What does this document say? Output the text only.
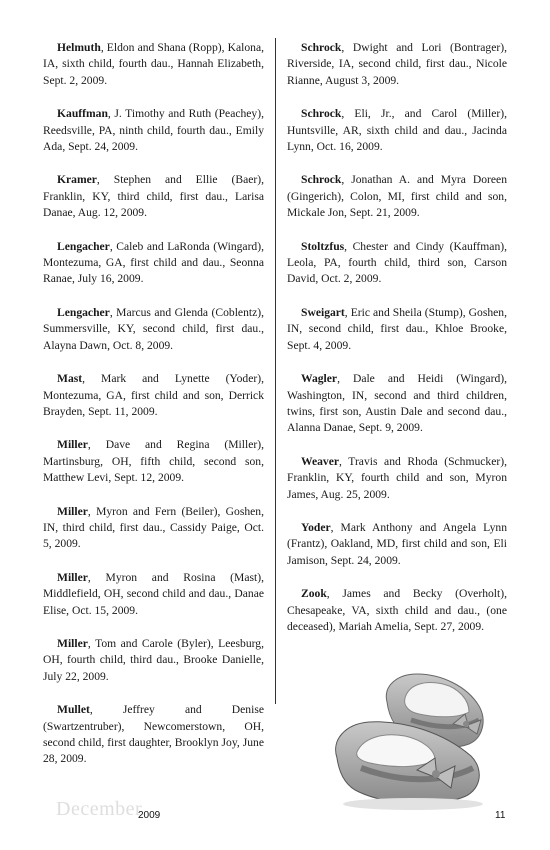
Helmuth, Eldon and Shana (Ropp), Kalona, IA, sixth child, fourth dau., Hannah Elizabeth, Sept. 2, 2009.

Kauffman, J. Timothy and Ruth (Peachey), Reedsville, PA, ninth child, fourth dau., Emily Ada, Sept. 24, 2009.

Kramer, Stephen and Ellie (Baer), Franklin, KY, third child, first dau., Larisa Danae, Aug. 12, 2009.

Lengacher, Caleb and LaRonda (Wingard), Montezuma, GA, first child and dau., Seonna Ranae, July 16, 2009.

Lengacher, Marcus and Glenda (Coblentz), Summersville, KY, second child, first dau., Alayna Dawn, Oct. 8, 2009.

Mast, Mark and Lynette (Yoder), Montezuma, GA, first child and son, Derrick Brayden, Sept. 11, 2009.

Miller, Dave and Regina (Miller), Martinsburg, OH, fifth child, second son, Matthew Levi, Sept. 12, 2009.

Miller, Myron and Fern (Beiler), Goshen, IN, third child, first dau., Cassidy Paige, Oct. 5, 2009.

Miller, Myron and Rosina (Mast), Middlefield, OH, second child and dau., Danae Elise, Oct. 15, 2009.

Miller, Tom and Carole (Byler), Leesburg, OH, fourth child, third dau., Brooke Danielle, July 22, 2009.

Mullet, Jeffrey and Denise (Swartzentruber), Newcomerstown, OH, second child, first daughter, Brooklyn Joy, June 28, 2009.

Schrock, Dwight and Lori (Bontrager), Riverside, IA, second child, first dau., Nicole Rianne, August 3, 2009.

Schrock, Eli, Jr., and Carol (Miller), Huntsville, AR, sixth child and dau., Jacinda Lynn, Oct. 16, 2009.

Schrock, Jonathan A. and Myra Doreen (Gingerich), Colon, MI, first child and son, Mickale Jon, Sept. 21, 2009.

Stoltzfus, Chester and Cindy (Kauffman), Leola, PA, fourth child, third son, Carson David, Oct. 2, 2009.

Sweigart, Eric and Sheila (Stump), Goshen, IN, second child, first dau., Khloe Brooke, Sept. 4, 2009.

Wagler, Dale and Heidi (Wingard), Washington, IN, second and third children, twins, first son, Austin Dale and second dau., Alanna Danae, Sept. 9, 2009.

Weaver, Travis and Rhoda (Schmucker), Franklin, KY, fourth child and son, Myron James, Aug. 25, 2009.

Yoder, Mark Anthony and Angela Lynn (Frantz), Oakland, MD, first child and son, Eli Jamison, Sept. 24, 2009.

Zook, James and Becky (Overholt), Chesapeake, VA, sixth child and dau., (one deceased), Mariah Amelia, Sept. 27, 2009.

December
2009	11
